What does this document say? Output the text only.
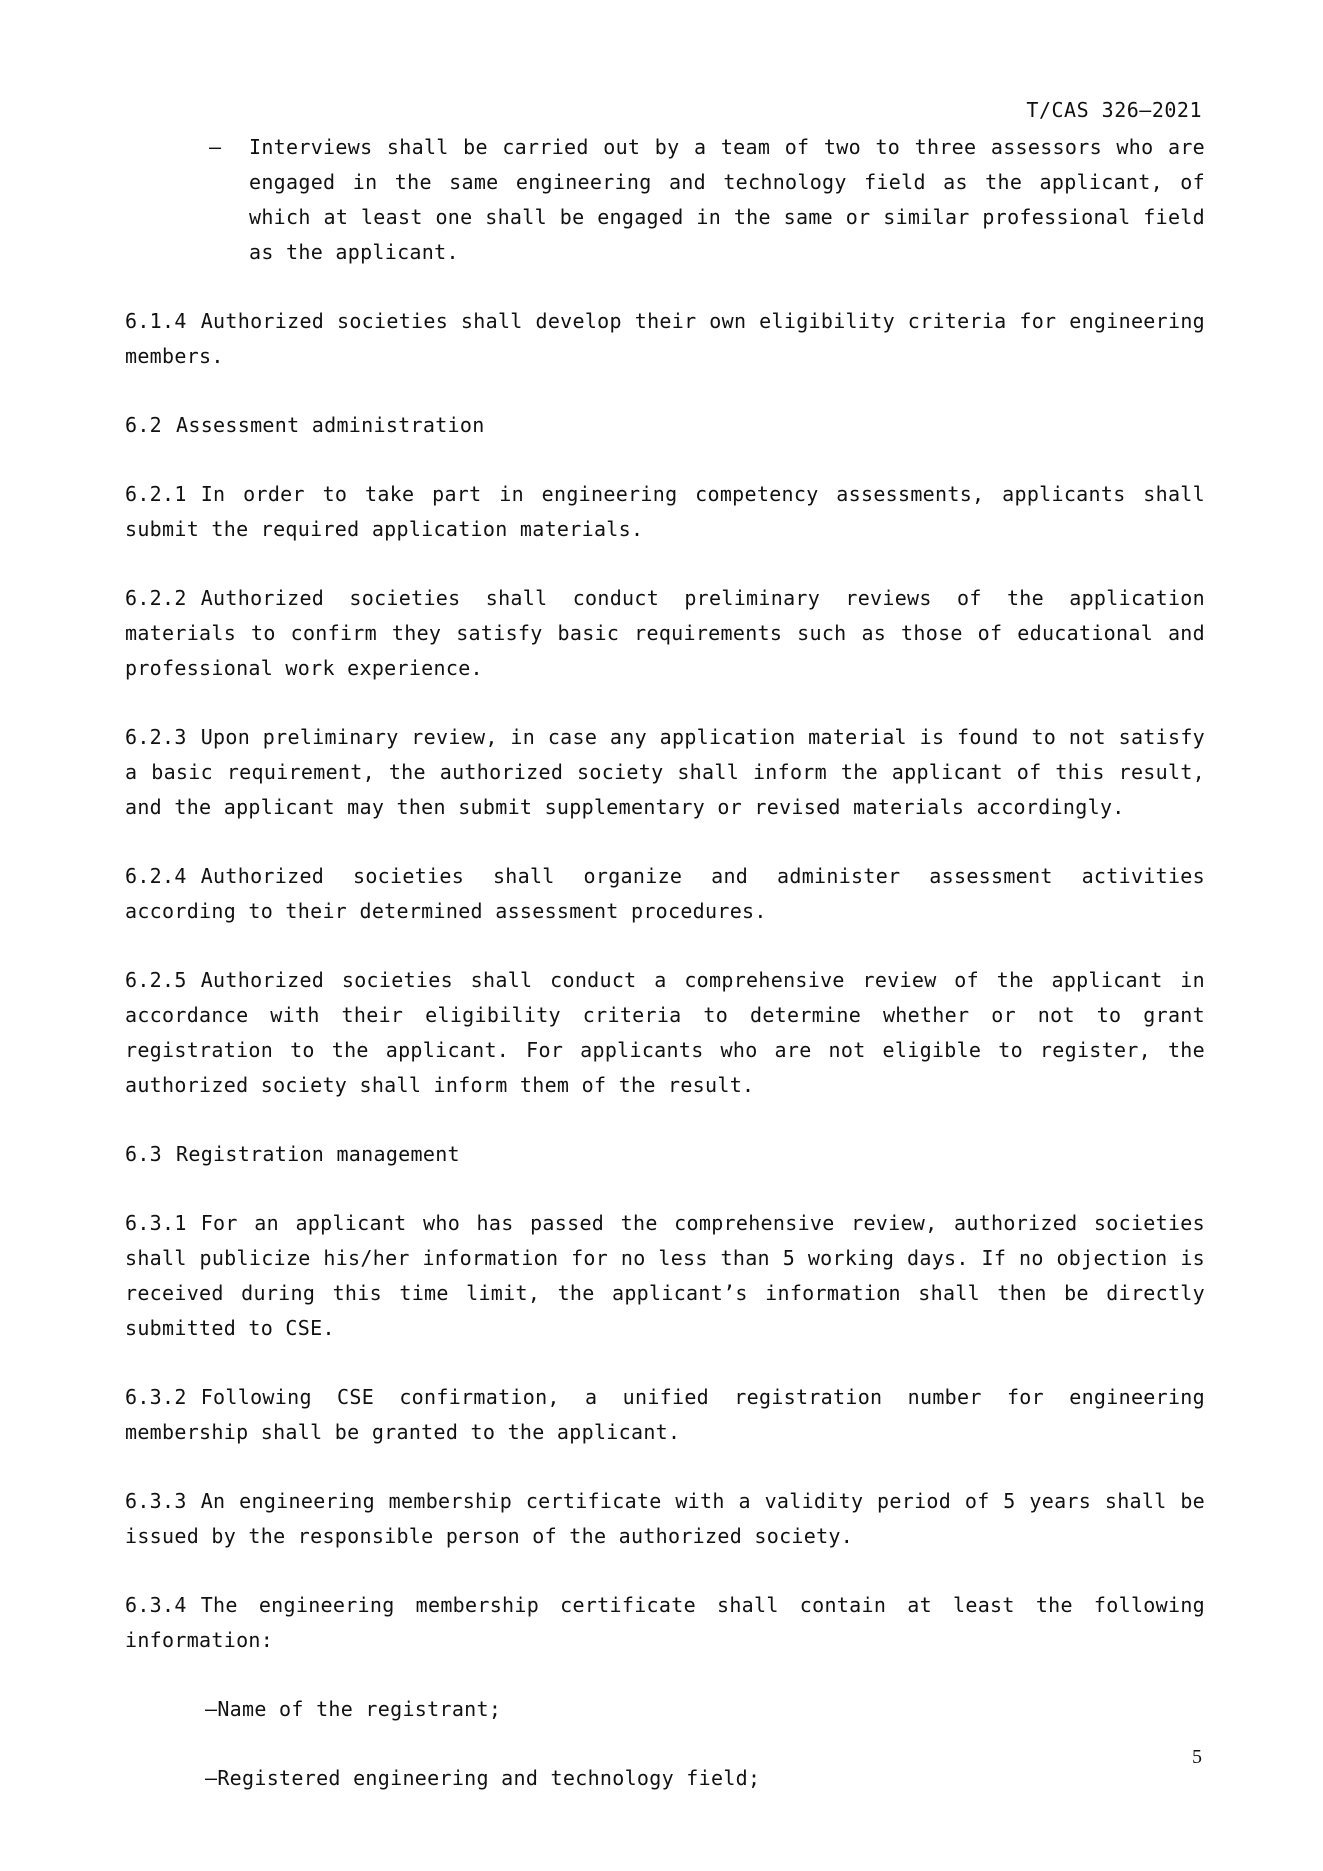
T/CAS 326—2021
— Interviews shall be carried out by a team of two to three assessors who are engaged in the same engineering and technology field as the applicant, of which at least one shall be engaged in the same or similar professional field as the applicant.

6.1.4 Authorized societies shall develop their own eligibility criteria for engineering members.

6.2 Assessment administration

6.2.1 In order to take part in engineering competency assessments, applicants shall submit the required application materials.

6.2.2 Authorized societies shall conduct preliminary reviews of the application materials to confirm they satisfy basic requirements such as those of educational and professional work experience.

6.2.3 Upon preliminary review, in case any application material is found to not satisfy a basic requirement, the authorized society shall inform the applicant of this result, and the applicant may then submit supplementary or revised materials accordingly.

6.2.4 Authorized societies shall organize and administer assessment activities according to their determined assessment procedures.

6.2.5 Authorized societies shall conduct a comprehensive review of the applicant in accordance with their eligibility criteria to determine whether or not to grant registration to the applicant. For applicants who are not eligible to register, the authorized society shall inform them of the result.

6.3 Registration management

6.3.1 For an applicant who has passed the comprehensive review, authorized societies shall publicize his/her information for no less than 5 working days. If no objection is received during this time limit, the applicant’s information shall then be directly submitted to CSE.

6.3.2 Following CSE confirmation, a unified registration number for engineering membership shall be granted to the applicant.

6.3.3 An engineering membership certificate with a validity period of 5 years shall be issued by the responsible person of the authorized society.

6.3.4 The engineering membership certificate shall contain at least the following information:

—Name of the registrant;

—Registered engineering and technology field;

5
